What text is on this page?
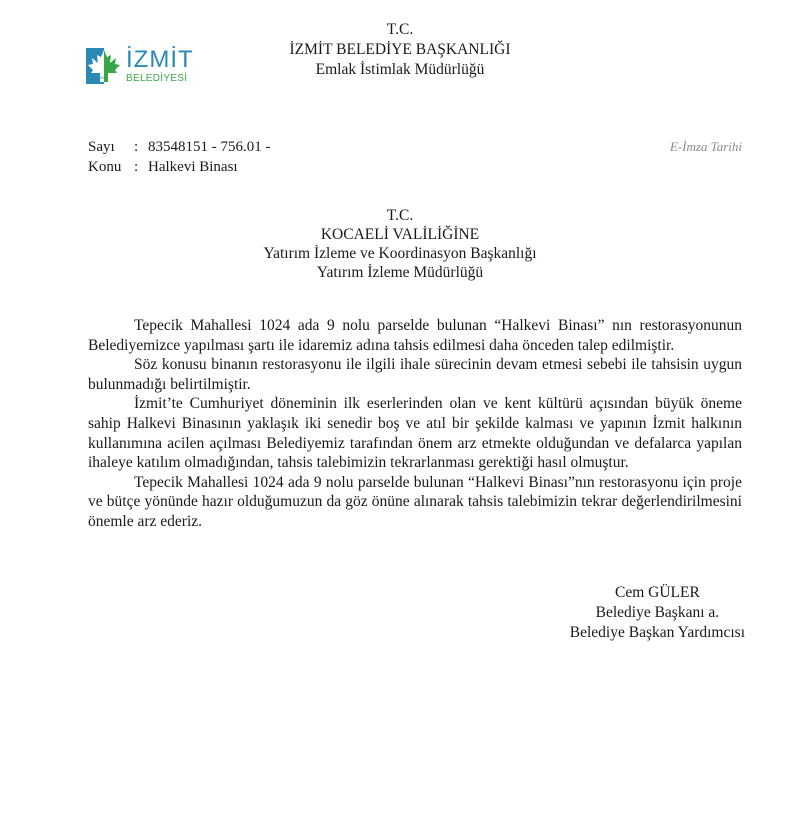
1930
İZMİT
BELEDİYESİ
T.C.
İZMİT BELEDİYE BAŞKANLIĞI
Emlak İstimlak Müdürlüğü
Sayı	: 83548151 - 756.01 -
Konu : Halkevi Binası
E-İmza Tarihi
T.C.
KOCAELİ VALİLİĞİNE
Yatırım İzleme ve Koordinasyon Başkanlığı
Yatırım İzleme Müdürlüğü

Tepecik Mahallesi 1024 ada 9 nolu parselde bulunan “Halkevi Binası” nın restorasyonunun Belediyemizce yapılması şartı ile idaremiz adına tahsis edilmesi daha önceden talep edilmiştir.

Söz konusu binanın restorasyonu ile ilgili ihale sürecinin devam etmesi sebebi ile tahsisin uygun bulunmadığı belirtilmiştir.

İzmit’te Cumhuriyet döneminin ilk eserlerinden olan ve kent kültürü açısından büyük öneme sahip Halkevi Binasının yaklaşık iki senedir boş ve atıl bir şekilde kalması ve yapının İzmit halkının kullanımına acilen açılması Belediyemiz tarafından önem arz etmekte olduğundan ve defalarca yapılan ihaleye katılım olmadığından, tahsis talebimizin tekrarlanması gerektiği hasıl olmuştur.

Tepecik Mahallesi 1024 ada 9 nolu parselde bulunan “Halkevi Binası”nın restorasyonu için proje ve bütçe yönünde hazır olduğumuzun da göz önüne alınarak tahsis talebimizin tekrar değerlendirilmesini önemle arz ederiz.

Cem GÜLER
Belediye Başkanı a.
Belediye Başkan Yardımcısı
